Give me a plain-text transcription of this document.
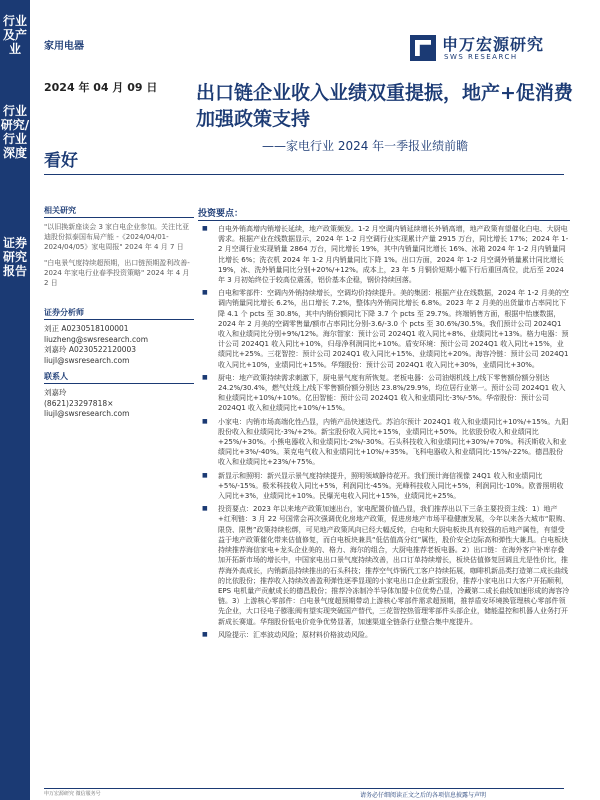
行业及产业
行业研究/行业深度
证券研究报告
家用电器
2024 年 04 月 09 日
看好
申万宏源研究
SWS RESEARCH
出口链企业收入业绩双重提振，地产+促消费加强政策支持
——家电行业 2024 年一季报业绩前瞻
相关研究
"以旧换新座谈会 3 家白电企业参加。关注比亚迪股份拟泰国布局产能 -《2024/04/01-2024/04/05》家电周报" 2024 年 4 月 7 日
"白电景气度持续超预期，出口链预期盈利改善- 2024 年家电行业春季投资策略" 2024 年 4 月 2 日
证券分析师
刘正 A0230518100001
liuzheng@swsresearch.com
刘嘉玲 A0230522120003
liujl@swsresearch.com
联系人
刘嘉玲
(8621)23297818×
liujl@swsresearch.com
投资要点：
■ 白电外销高增内销增长延续，地产政策频发。1-2 月空调内销延续增长外销高增，地产政策有望催化白电、大厨电需求。根据产业在线数据显示，2024 年 1-2 月空调行业实现累计产量 2915 万台，同比增长 17%；2024 年 1-2 月空调行业实现销量 2864 万台，同比增长 19%，其中内销量同比增长 16%、冰箱 2024 年 1-2 月内销量同比增长 6%；洗衣机 2024 年 1-2 月内销量同比下降 1%。出口方面，2024 年 1-2 月空调外销量累计同比增长 19%，冰、洗外销量同比分别+20%/+12%。成本上，23 年 5 月铜价短期小幅下行后重回高位，此后至 2024 年 3 月初始终位于较高位震荡，铝价基本企稳，钢价持续回落。
■ 白电和零部件：空调内外销持续增长，空调均价持续提升。美的集团：根据产业在线数据，2024 年 1-2 月美的空调内销量同比增长 6.2%，出口增长 7.2%，整体内外销同比增长 6.8%。2023 年 2 月美的出货量市占率同比下降 4.1 个 pcts 至 30.8%，其中内销份额同比下降 3.7 个 pcts 至 29.7%。终端销售方面，根据中怡康数据，2024 年 2 月美的空调零售量/额市占率同比分别-3.6/-3.0 个 pcts 至 30.6%/30.5%。我们预计公司 2024Q1 收入和业绩同比分别+9%/12%。海尔智家：预计公司 2024Q1 收入同比+8%、业绩同比+13%。格力电器：预计公司 2024Q1 收入同比+10%，归母净利润同比+10%。盾安环境：预计公司 2024Q1 收入同比+15%，业绩同比+25%。三花智控：预计公司 2024Q1 收入同比+15%、业绩同比+20%。海容冷链：预计公司 2024Q1 收入同比+10%，业绩同比+15%。华翔股份：预计公司 2024Q1 收入同比+30%，业绩同比+30%。
■ 厨电：地产政策持续需求刺激下，厨电景气度有所恢复。老板电器：公司油烟机线上/线下零售额份额分别达 24.2%/30.4%，燃气灶线上/线下零售额份额分别达 23.8%/29.9%，均位居行业第一。预计公司 2024Q1 收入和业绩同比+10%/+10%。亿田智能：预计公司 2024Q1 收入和业绩同比-3%/-5%。华帝股份：预计公司 2024Q1 收入和业绩同比+10%/+15%。
■ 小家电：内销市场高端化性凸显，内销产品快速迭代。苏泊尔预计 2024Q1 收入和业绩同比+10%/+15%。九阳股份收入和业绩同比-3%/+2%。新宝股份收入同比+15%，业绩同比+50%。比依股份收入和业绩同比+25%/+30%。小熊电器收入和业绩同比-2%/-30%。石头科技收入和业绩同比+30%/+70%。科沃斯收入和业绩同比+3%/-40%。莱克电气收入和业绩同比+10%/+35%。飞科电器收入和业绩同比-15%/-22%。德昌股份收入和业绩同比+23%/+75%。
■ 新显示和照明：新兴显示景气度持续提升，照明领域静待花开。我们预计海信视像 24Q1 收入和业绩同比+5%/-15%。极米科技收入同比+5%，利润同比-45%。光峰科技收入同比+5%，利润同比-10%。欧普照明收入同比+3%，业绩同比+10%。民爆光电收入同比+15%，业绩同比+25%。
■ 投资要点：2023 年以来地产政策加速出台，家电配置价值凸显，我们推荐出以下三条主要投资主线：1）地产+红利链：3 月 22 号国常会再次强调优化房地产政策，促进房地产市场平稳健康发展，今年以来各大城市“限购、限贷、限售”政策持续松绑，可见地产政策风向已经大幅反转，白电和大厨电板块具有较强的后地产属性，有望受益于地产政策催化带来估值修复，而白电板块兼具“低估值高分红”属性，股价安全边际高和弹性大兼具。白电板块持续推荐海信家电+龙头企业美的、格力、海尔的组合，大厨电推荐老板电器。2）出口链：在海外客户补库存叠加开拓新市场的增长中，中国家电出口景气度持续改善，出口订单持续增长，板块估值修复回调且尤是性价比，推荐海外高成长，内销新品持续推出的石头科技；推荐空气炸锅代工客户持续拓展，咖啡机新品类打造第二成长曲线的比依股份；推荐收入持续改善盈利弹性逐季显现的小家电出口企业新宝股份，推荐小家电出口大客户开拓顺利，EPS 电机量产贡献成长的德昌股份；推荐冷冻制冷半导体加盟卡位优势凸显，冷藏第二成长曲线加速形成的海容冷链。3）上游核心零部件：白电景气度超预期带动上游核心零部件需求超预期，推荐盾安环境换管理核心零部件领先企业，大口径电子膨胀阀有望实现突破国产替代，三花智控热管理零部件头部企业，储能温控和机器人业务打开新成长赛道。华翔股份低电价竞争优势显著，加速渠道全链条行业整合集中度提升。
■ 风险提示：汇率波动风险；原材料价格波动风险。
申万宏源研究 微信服务号	请务必仔细阅读正文之后的各项信息披露与声明
